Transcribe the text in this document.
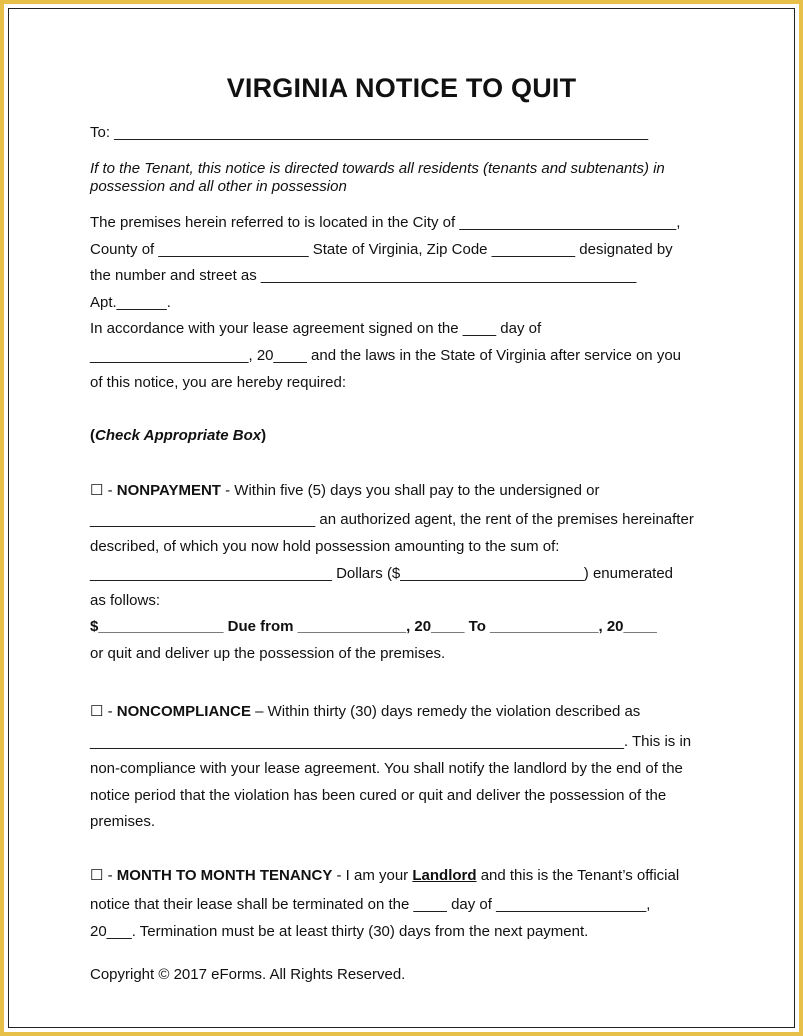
VIRGINIA NOTICE TO QUIT
To: ________________________________________________________________
If to the Tenant, this notice is directed towards all residents (tenants and subtenants) in
possession and all other in possession
The premises herein referred to is located in the City of __________________________,
County of __________________ State of Virginia, Zip Code __________ designated by
the number and street as _____________________________________________
Apt.______.
In accordance with your lease agreement signed on the ____ day of
___________________, 20____ and the laws in the State of Virginia after service on you
of this notice, you are hereby required:
(Check Appropriate Box)
☐ - NONPAYMENT - Within five (5) days you shall pay to the undersigned or
___________________________ an authorized agent, the rent of the premises hereinafter
described, of which you now hold possession amounting to the sum of:
_____________________________ Dollars ($______________________) enumerated
as follows:
$_______________ Due from _____________, 20____ To _____________, 20____
or quit and deliver up the possession of the premises.
☐ - NONCOMPLIANCE – Within thirty (30) days remedy the violation described as
________________________________________________________________. This is in
non-compliance with your lease agreement. You shall notify the landlord by the end of the
notice period that the violation has been cured or quit and deliver the possession of the
premises.
☐ - MONTH TO MONTH TENANCY - I am your Landlord and this is the Tenant’s official
notice that their lease shall be terminated on the ____ day of __________________,
20___. Termination must be at least thirty (30) days from the next payment.
Copyright © 2017 eForms. All Rights Reserved.
